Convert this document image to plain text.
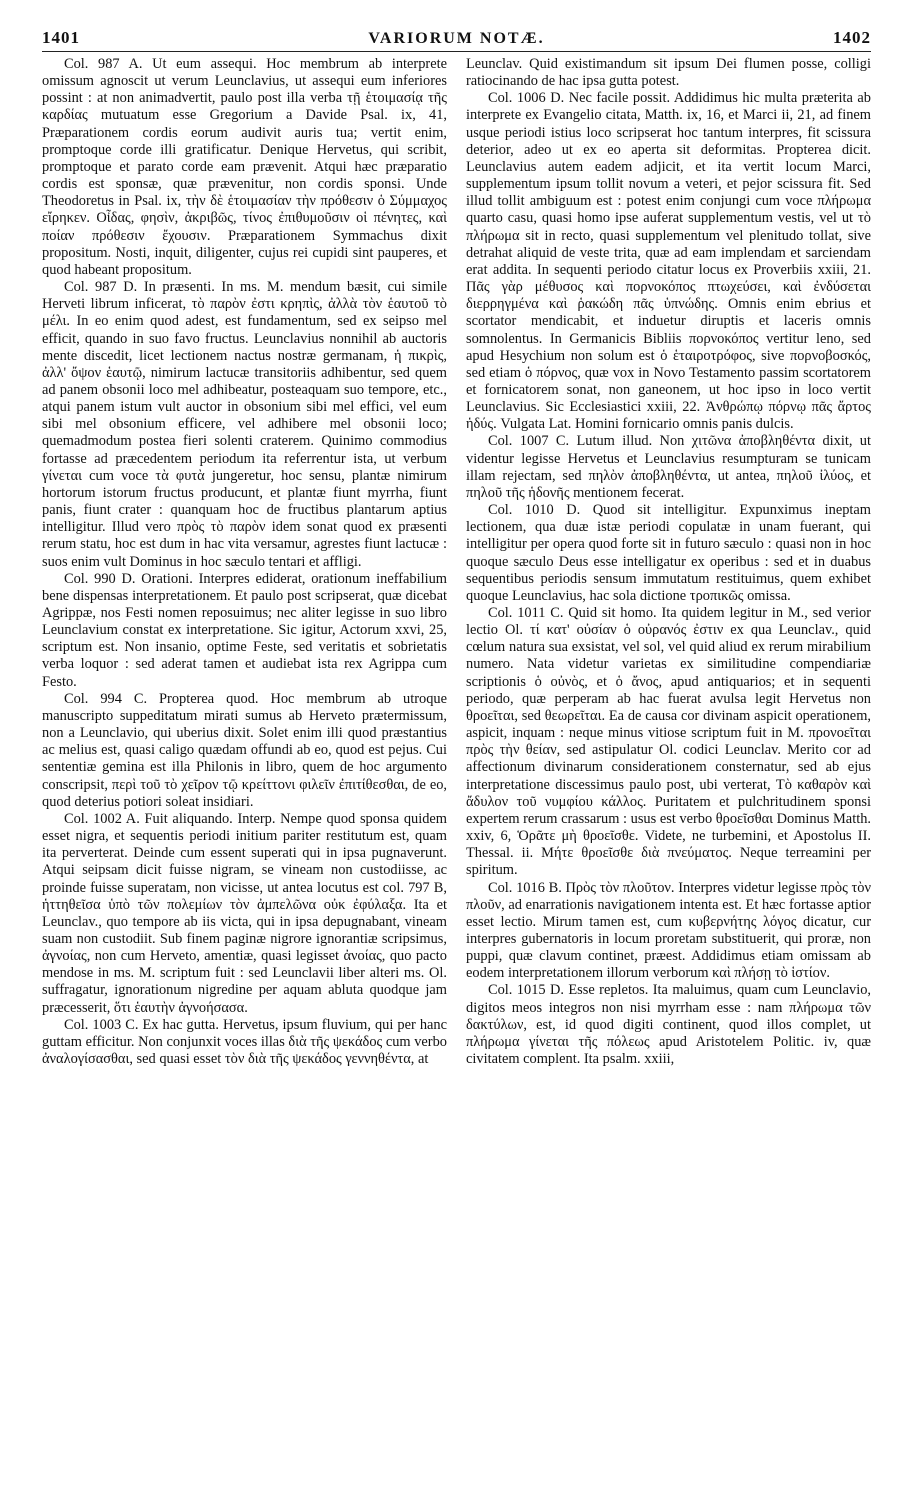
1401	VARIORUM NOTÆ.	1402

Col. 987 A. Ut eum assequi. Hoc membrum ab interprete omissum agnoscit ut verum Leunclavius, ut assequi eum inferiores possint : at non animadvertit, paulo post illa verba τῇ ἑτοιμασίᾳ τῆς καρδίας mutuatum esse Gregorium a Davide Psal. ix, 41, Præparationem cordis eorum audivit auris tua; vertit enim, promptoque corde illi gratificatur. Denique Hervetus, qui scribit, promptoque et parato corde eam prævenit. Atqui hæc præparatio cordis est sponsæ, quæ prævenitur, non cordis sponsi. Unde Theodoretus in Psal. ix, τὴν δὲ ἑτοιμασίαν τὴν πρόθεσιν ὁ Σύμμαχος εἴρηκεν. Οἶδας, φησὶν, ἀκριβῶς, τίνος ἐπιθυμοῦσιν οἱ πένητες, καὶ ποίαν πρόθεσιν ἔχουσιν. Præparationem Symmachus dixit propositum. Nosti, inquit, diligenter, cujus rei cupidi sint pauperes, et quod habeant propositum.

Col. 987 D. In præsenti. In ms. M. mendum bæsit, cui simile Herveti librum inficerat, τὸ παρὸν ἐστι κρηπὶς, ἀλλὰ τὸν ἑαυτοῦ τὸ μέλι. In eo enim quod adest, est fundamentum, sed ex seipso mel efficit, quando in suo favo fructus. Leunclavius nonnihil ab auctoris mente discedit, licet lectionem nactus nostræ germanam, ἡ πικρὶς, ἀλλ' ὄψον ἑαυτῷ, nimirum lactucæ transitoriis adhibentur, sed quem ad panem obsonii loco mel adhibeatur, posteaquam suo tempore, etc., atqui panem istum vult auctor in obsonium sibi mel effici, vel eum sibi mel obsonium efficere, vel adhibere mel obsonii loco; quemadmodum postea fieri solenti craterem. Quinimo commodius fortasse ad præcedentem periodum ita referrentur ista, ut verbum γίνεται cum voce τὰ φυτὰ jungeretur, hoc sensu, plantæ nimirum hortorum istorum fructus producunt, et plantæ fiunt myrrha, fiunt panis, fiunt crater : quanquam hoc de fructibus plantarum aptius intelligitur. Illud vero πρὸς τὸ παρὸν idem sonat quod ex præsenti rerum statu, hoc est dum in hac vita versamur, agrestes fiunt lactucæ : suos enim vult Dominus in hoc sæculo tentari et affligi.

Col. 990 D. Orationi. Interpres ediderat, orationum ineffabilium bene dispensas interpretationem. Et paulo post scripserat, quæ dicebat Agrippæ, nos Festi nomen reposuimus; nec aliter legisse in suo libro Leunclavium constat ex interpretatione. Sic igitur, Actorum xxvi, 25, scriptum est. Non insanio, optime Feste, sed veritatis et sobrietatis verba loquor : sed aderat tamen et audiebat ista rex Agrippa cum Festo.

Col. 994 C. Propterea quod. Hoc membrum ab utroque manuscripto suppeditatum mirati sumus ab Herveto prætermissum, non a Leunclavio, qui uberius dixit. Solet enim illi quod præstantius ac melius est, quasi caligo quædam offundi ab eo, quod est pejus. Cui sententiæ gemina est illa Philonis in libro, quem de hoc argumento conscripsit, περὶ τοῦ τὸ χεῖρον τῷ κρείττονι φιλεῖν ἐπιτίθεσθαι, de eo, quod deterius potiori soleat insidiari.

Col. 1002 A. Fuit aliquando. Interp. Nempe quod sponsa quidem esset nigra, et sequentis periodi initium pariter restitutum est, quam ita perverterat. Deinde cum essent superati qui in ipsa pugnaverunt. Atqui seipsam dicit fuisse nigram, se vineam non custodiisse, ac proinde fuisse superatam, non vicisse, ut antea locutus est col. 797 B, ἡττηθεῖσα ὑπὸ τῶν πολεμίων τὸν ἀμπελῶνα οὐκ ἐφύλαξα. Ita et Leunclav., quo tempore ab iis victa, qui in ipsa depugnabant, vineam suam non custodiit. Sub finem paginæ nigrore ignorantiæ scripsimus, ἀγνοίας, non cum Herveto, amentiæ, quasi legisset ἀνοίας, quo pacto mendose in ms. M. scriptum fuit : sed Leunclavii liber alteri ms. Ol. suffragatur, ignorationum nigredine per aquam abluta quodque jam præcesserit, ὅτι ἑαυτὴν ἀγνοήσασα.

Col. 1003 C. Ex hac gutta. Hervetus, ipsum fluvium, qui per hanc guttam efficitur. Non conjunxit voces illas διὰ τῆς ψεκάδος cum verbo ἀναλογίσασθαι, sed quasi esset τὸν διὰ τῆς ψεκάδος γεννηθέντα, at

Leunclav. Quid existimandum sit ipsum Dei flumen posse, colligi ratiocinando de hac ipsa gutta potest.

Col. 1006 D. Nec facile possit. Addidimus hic multa præterita ab interprete ex Evangelio citata, Matth. ix, 16, et Marci ii, 21, ad finem usque periodi istius loco scripserat hoc tantum interpres, fit scissura deterior, adeo ut ex eo aperta sit deformitas. Propterea dicit. Leunclavius autem eadem adjicit, et ita vertit locum Marci, supplementum ipsum tollit novum a veteri, et pejor scissura fit. Sed illud tollit ambiguum est : potest enim conjungi cum voce πλήρωμα quarto casu, quasi homo ipse auferat supplementum vestis, vel ut τὸ πλήρωμα sit in recto, quasi supplementum vel plenitudo tollat, sive detrahat aliquid de veste trita, quæ ad eam implendam et sarciendam erat addita. In sequenti periodo citatur locus ex Proverbiis xxiii, 21. Πᾶς γὰρ μέθυσος καὶ πορνοκόπος πτωχεύσει, καὶ ἐνδύσεται διερρηγμένα καὶ ῥακώδη πᾶς ὑπνώδης. Omnis enim ebrius et scortator mendicabit, et induetur diruptis et laceris omnis somnolentus. In Germanicis Bibliis πορνοκόπος vertitur leno, sed apud Hesychium non solum est ὁ ἑταιροτρόφος, sive πορνοβοσκός, sed etiam ὁ πόρνος, quæ vox in Novo Testamento passim scortatorem et fornicatorem sonat, non ganeonem, ut hoc ipso in loco vertit Leunclavius. Sic Ecclesiastici xxiii, 22. Ἀνθρώπῳ πόρνῳ πᾶς ἄρτος ἡδύς. Vulgata Lat. Homini fornicario omnis panis dulcis.

Col. 1007 C. Lutum illud. Non χιτῶνα ἀποβληθέντα dixit, ut videntur legisse Hervetus et Leunclavius resumpturam se tunicam illam rejectam, sed πηλὸν ἀποβληθέντα, ut antea, πηλοῦ ἰλύος, et πηλοῦ τῆς ἡδονῆς mentionem fecerat.

Col. 1010 D. Quod sit intelligitur. Expunximus ineptam lectionem, qua duæ istæ periodi copulatæ in unam fuerant, qui intelligitur per opera quod forte sit in futuro sæculo : quasi non in hoc quoque sæculo Deus esse intelligatur ex operibus : sed et in duabus sequentibus periodis sensum immutatum restituimus, quem exhibet quoque Leunclavius, hac sola dictione τροπικῶς omissa.

Col. 1011 C. Quid sit homo. Ita quidem legitur in M., sed verior lectio Ol. τί κατ' οὐσίαν ὁ οὐρανός ἐστιν ex qua Leunclav., quid cœlum natura sua exsistat, vel sol, vel quid aliud ex rerum mirabilium numero. Nata videtur varietas ex similitudine compendiariæ scriptionis ὁ οὐνὸς, et ὁ ἄνος, apud antiquarios; et in sequenti periodo, quæ perperam ab hac fuerat avulsa legit Hervetus non θροεῖται, sed θεωρεῖται. Ea de causa cor divinam aspicit operationem, aspicit, inquam : neque minus vitiose scriptum fuit in M. προνοεῖται πρὸς τὴν θείαν, sed astipulatur Ol. codici Leunclav. Merito cor ad affectionum divinarum considerationem consternatur, sed ab ejus interpretatione discessimus paulo post, ubi verterat, Τὸ καθαρὸν καὶ ἄδυλον τοῦ νυμφίου κάλλος. Puritatem et pulchritudinem sponsi expertem rerum crassarum : usus est verbo θροεῖσθαι Dominus Matth. xxiv, 6, Ὁρᾶτε μὴ θροεῖσθε. Videte, ne turbemini, et Apostolus II. Thessal. ii. Μήτε θροεῖσθε διὰ πνεύματος. Neque terreamini per spiritum.

Col. 1016 B. Πρὸς τὸν πλοῦτον. Interpres videtur legisse πρὸς τὸν πλοῦν, ad enarrationis navigationem intenta est. Et hæc fortasse aptior esset lectio. Mirum tamen est, cum κυβερνήτης λόγος dicatur, cur interpres gubernatoris in locum proretam substituerit, qui proræ, non puppi, quæ clavum continet, præest. Addidimus etiam omissam ab eodem interpretationem illorum verborum καὶ πλήσῃ τὸ ἱστίον.

Col. 1015 D. Esse repletos. Ita maluimus, quam cum Leunclavio, digitos meos integros non nisi myrrham esse : nam πλήρωμα τῶν δακτύλων, est, id quod digiti continent, quod illos complet, ut πλήρωμα γίνεται τῆς πόλεως apud Aristotelem Politic. iv, quæ civitatem complent. Ita psalm. xxiii,
